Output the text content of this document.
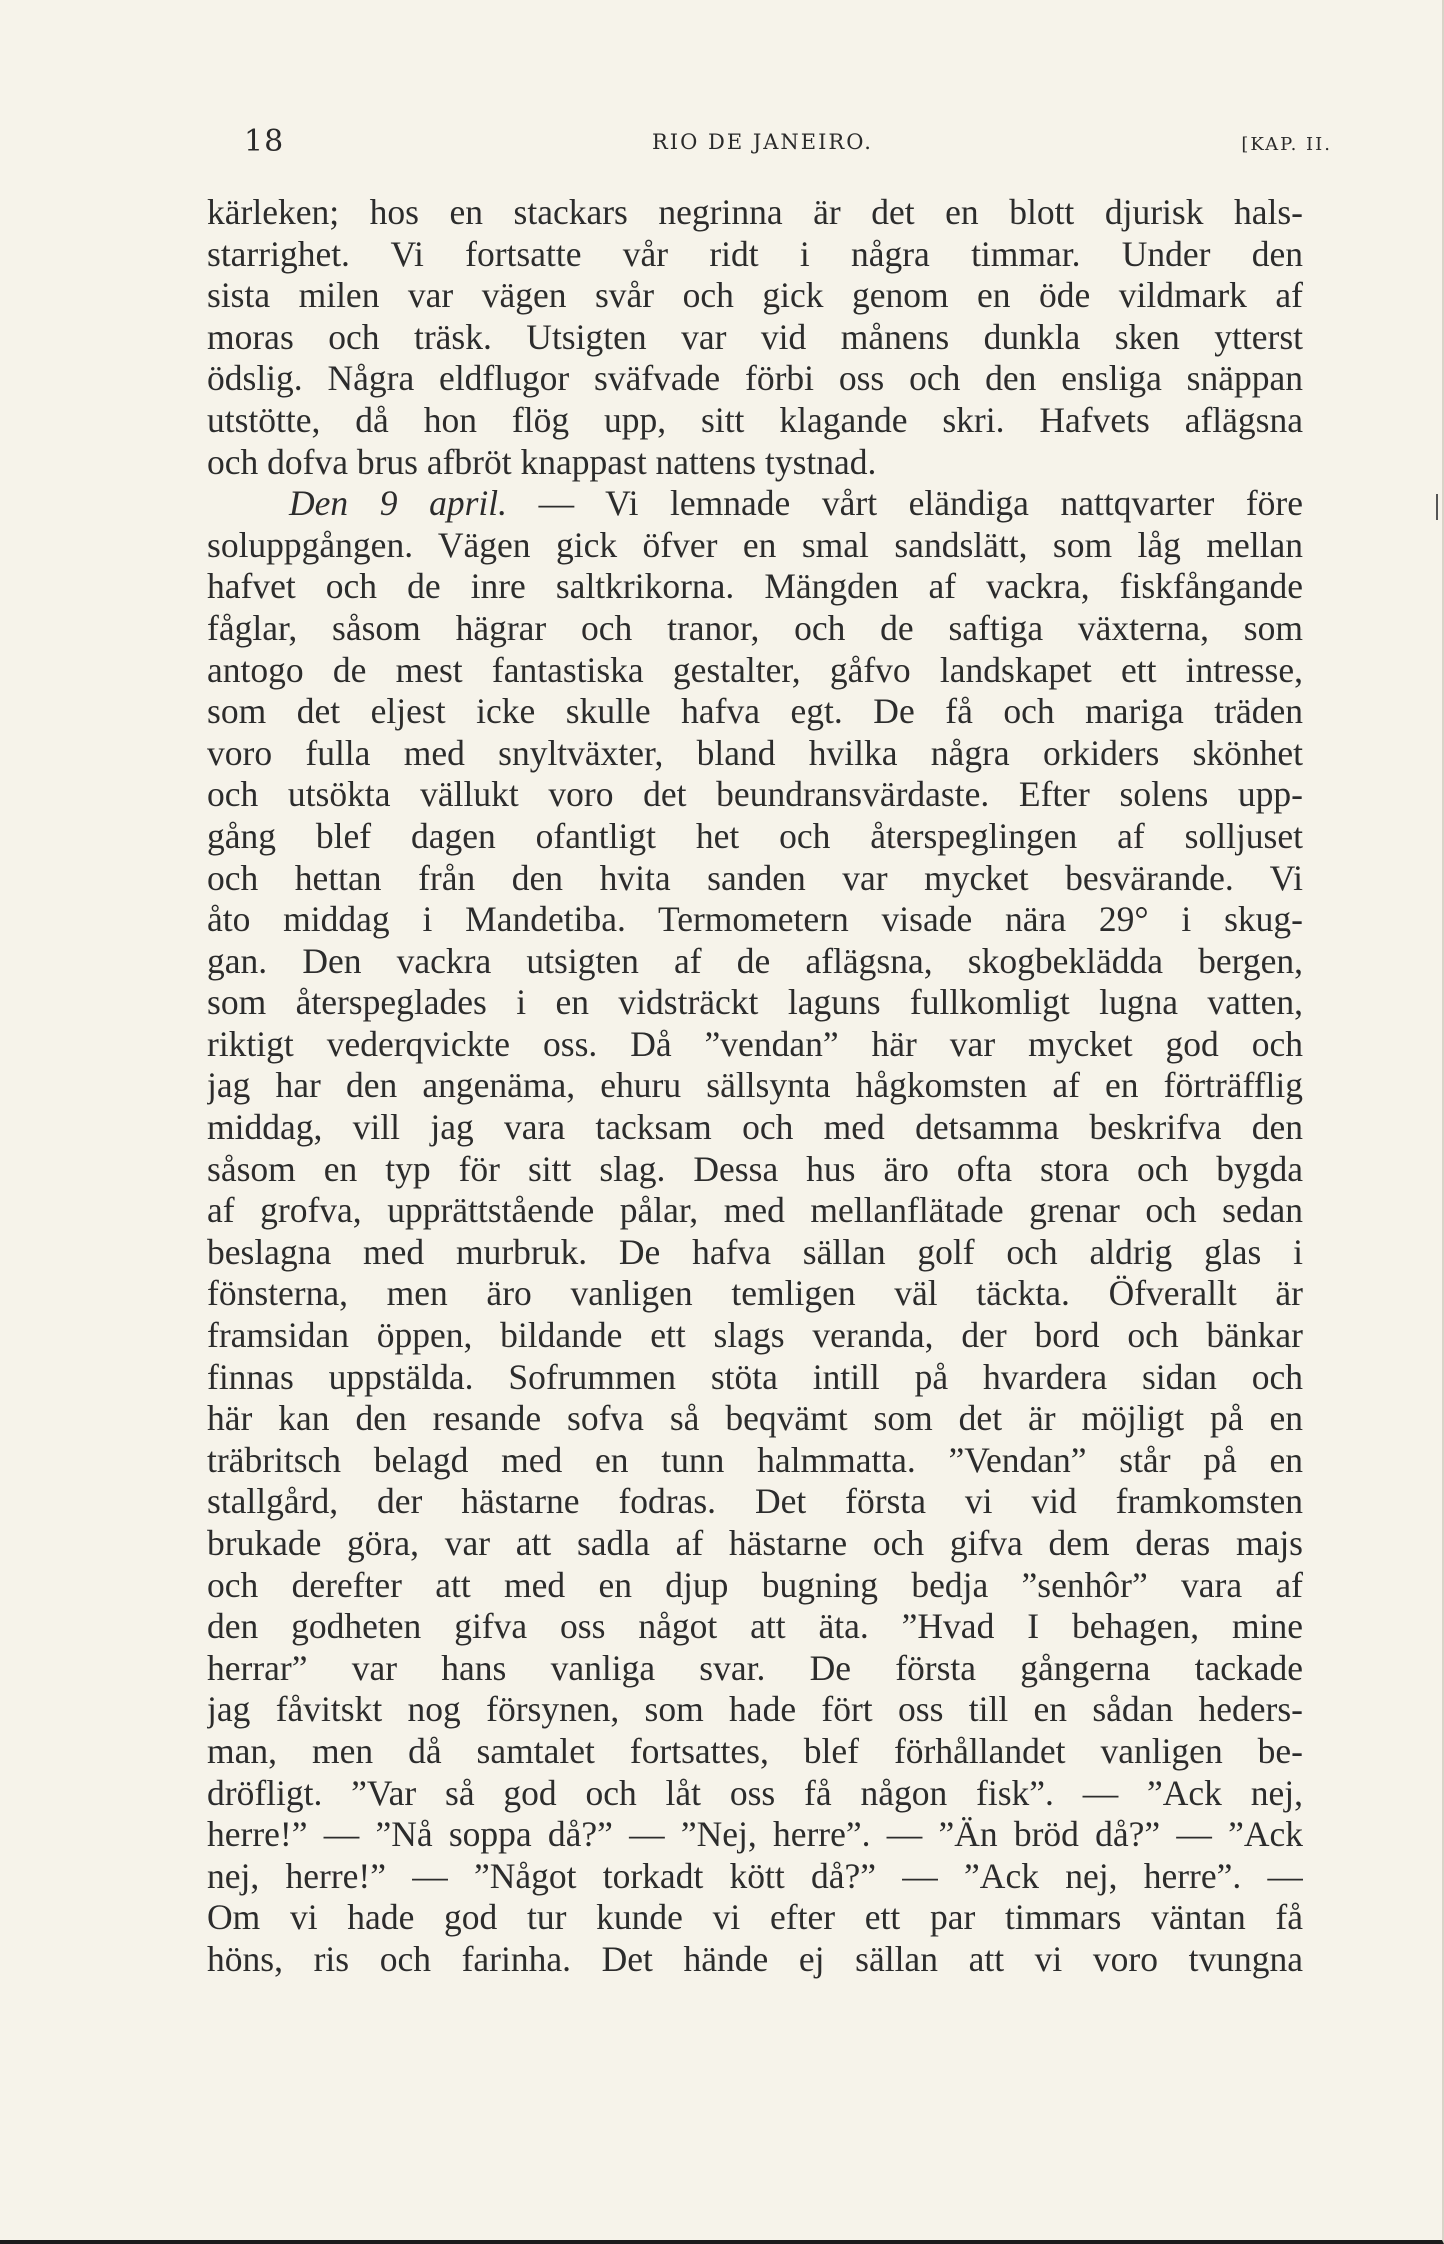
18	RIO DE JANEIRO.	[KAP. II.
kärleken; hos en stackars negrinna är det en blott djurisk hals-
starrighet. Vi fortsatte vår ridt i några timmar. Under den
sista milen var vägen svår och gick genom en öde vildmark af
moras och träsk. Utsigten var vid månens dunkla sken ytterst
ödslig. Några eldflugor sväfvade förbi oss och den ensliga snäppan
utstötte, då hon flög upp, sitt klagande skri. Hafvets aflägsna
och dofva brus afbröt knappast nattens tystnad.
Den 9 april. — Vi lemnade vårt eländiga nattqvarter före
soluppgången. Vägen gick öfver en smal sandslätt, som låg mellan
hafvet och de inre saltkrikorna. Mängden af vackra, fiskfångande
fåglar, såsom hägrar och tranor, och de saftiga växterna, som
antogo de mest fantastiska gestalter, gåfvo landskapet ett intresse,
som det eljest icke skulle hafva egt. De få och mariga träden
voro fulla med snyltväxter, bland hvilka några orkiders skönhet
och utsökta vällukt voro det beundransvärdaste. Efter solens upp-
gång blef dagen ofantligt het och återspeglingen af solljuset
och hettan från den hvita sanden var mycket besvärande. Vi
åto middag i Mandetiba. Termometern visade nära 29° i skug-
gan. Den vackra utsigten af de aflägsna, skogbeklädda bergen,
som återspeglades i en vidsträckt laguns fullkomligt lugna vatten,
riktigt vederqvickte oss. Då ”vendan” här var mycket god och
jag har den angenäma, ehuru sällsynta hågkomsten af en förträfflig
middag, vill jag vara tacksam och med detsamma beskrifva den
såsom en typ för sitt slag. Dessa hus äro ofta stora och bygda
af grofva, upprättstående pålar, med mellanflätade grenar och sedan
beslagna med murbruk. De hafva sällan golf och aldrig glas i
fönsterna, men äro vanligen temligen väl täckta. Öfverallt är
framsidan öppen, bildande ett slags veranda, der bord och bänkar
finnas uppstälda. Sofrummen stöta intill på hvardera sidan och
här kan den resande sofva så beqvämt som det är möjligt på en
träbritsch belagd med en tunn halmmatta. ”Vendan” står på en
stallgård, der hästarne fodras. Det första vi vid framkomsten
brukade göra, var att sadla af hästarne och gifva dem deras majs
och derefter att med en djup bugning bedja ”senhôr” vara af
den godheten gifva oss något att äta. ”Hvad I behagen, mine
herrar” var hans vanliga svar. De första gångerna tackade
jag fåvitskt nog försynen, som hade fört oss till en sådan heders-
man, men då samtalet fortsattes, blef förhållandet vanligen be-
dröfligt. ”Var så god och låt oss få någon fisk”. — ”Ack nej,
herre!” — ”Nå soppa då?” — ”Nej, herre”. — ”Än bröd då?” — ”Ack
nej, herre!” — ”Något torkadt kött då?” — ”Ack nej, herre”. —
Om vi hade god tur kunde vi efter ett par timmars väntan få
höns, ris och farinha. Det hände ej sällan att vi voro tvungna
